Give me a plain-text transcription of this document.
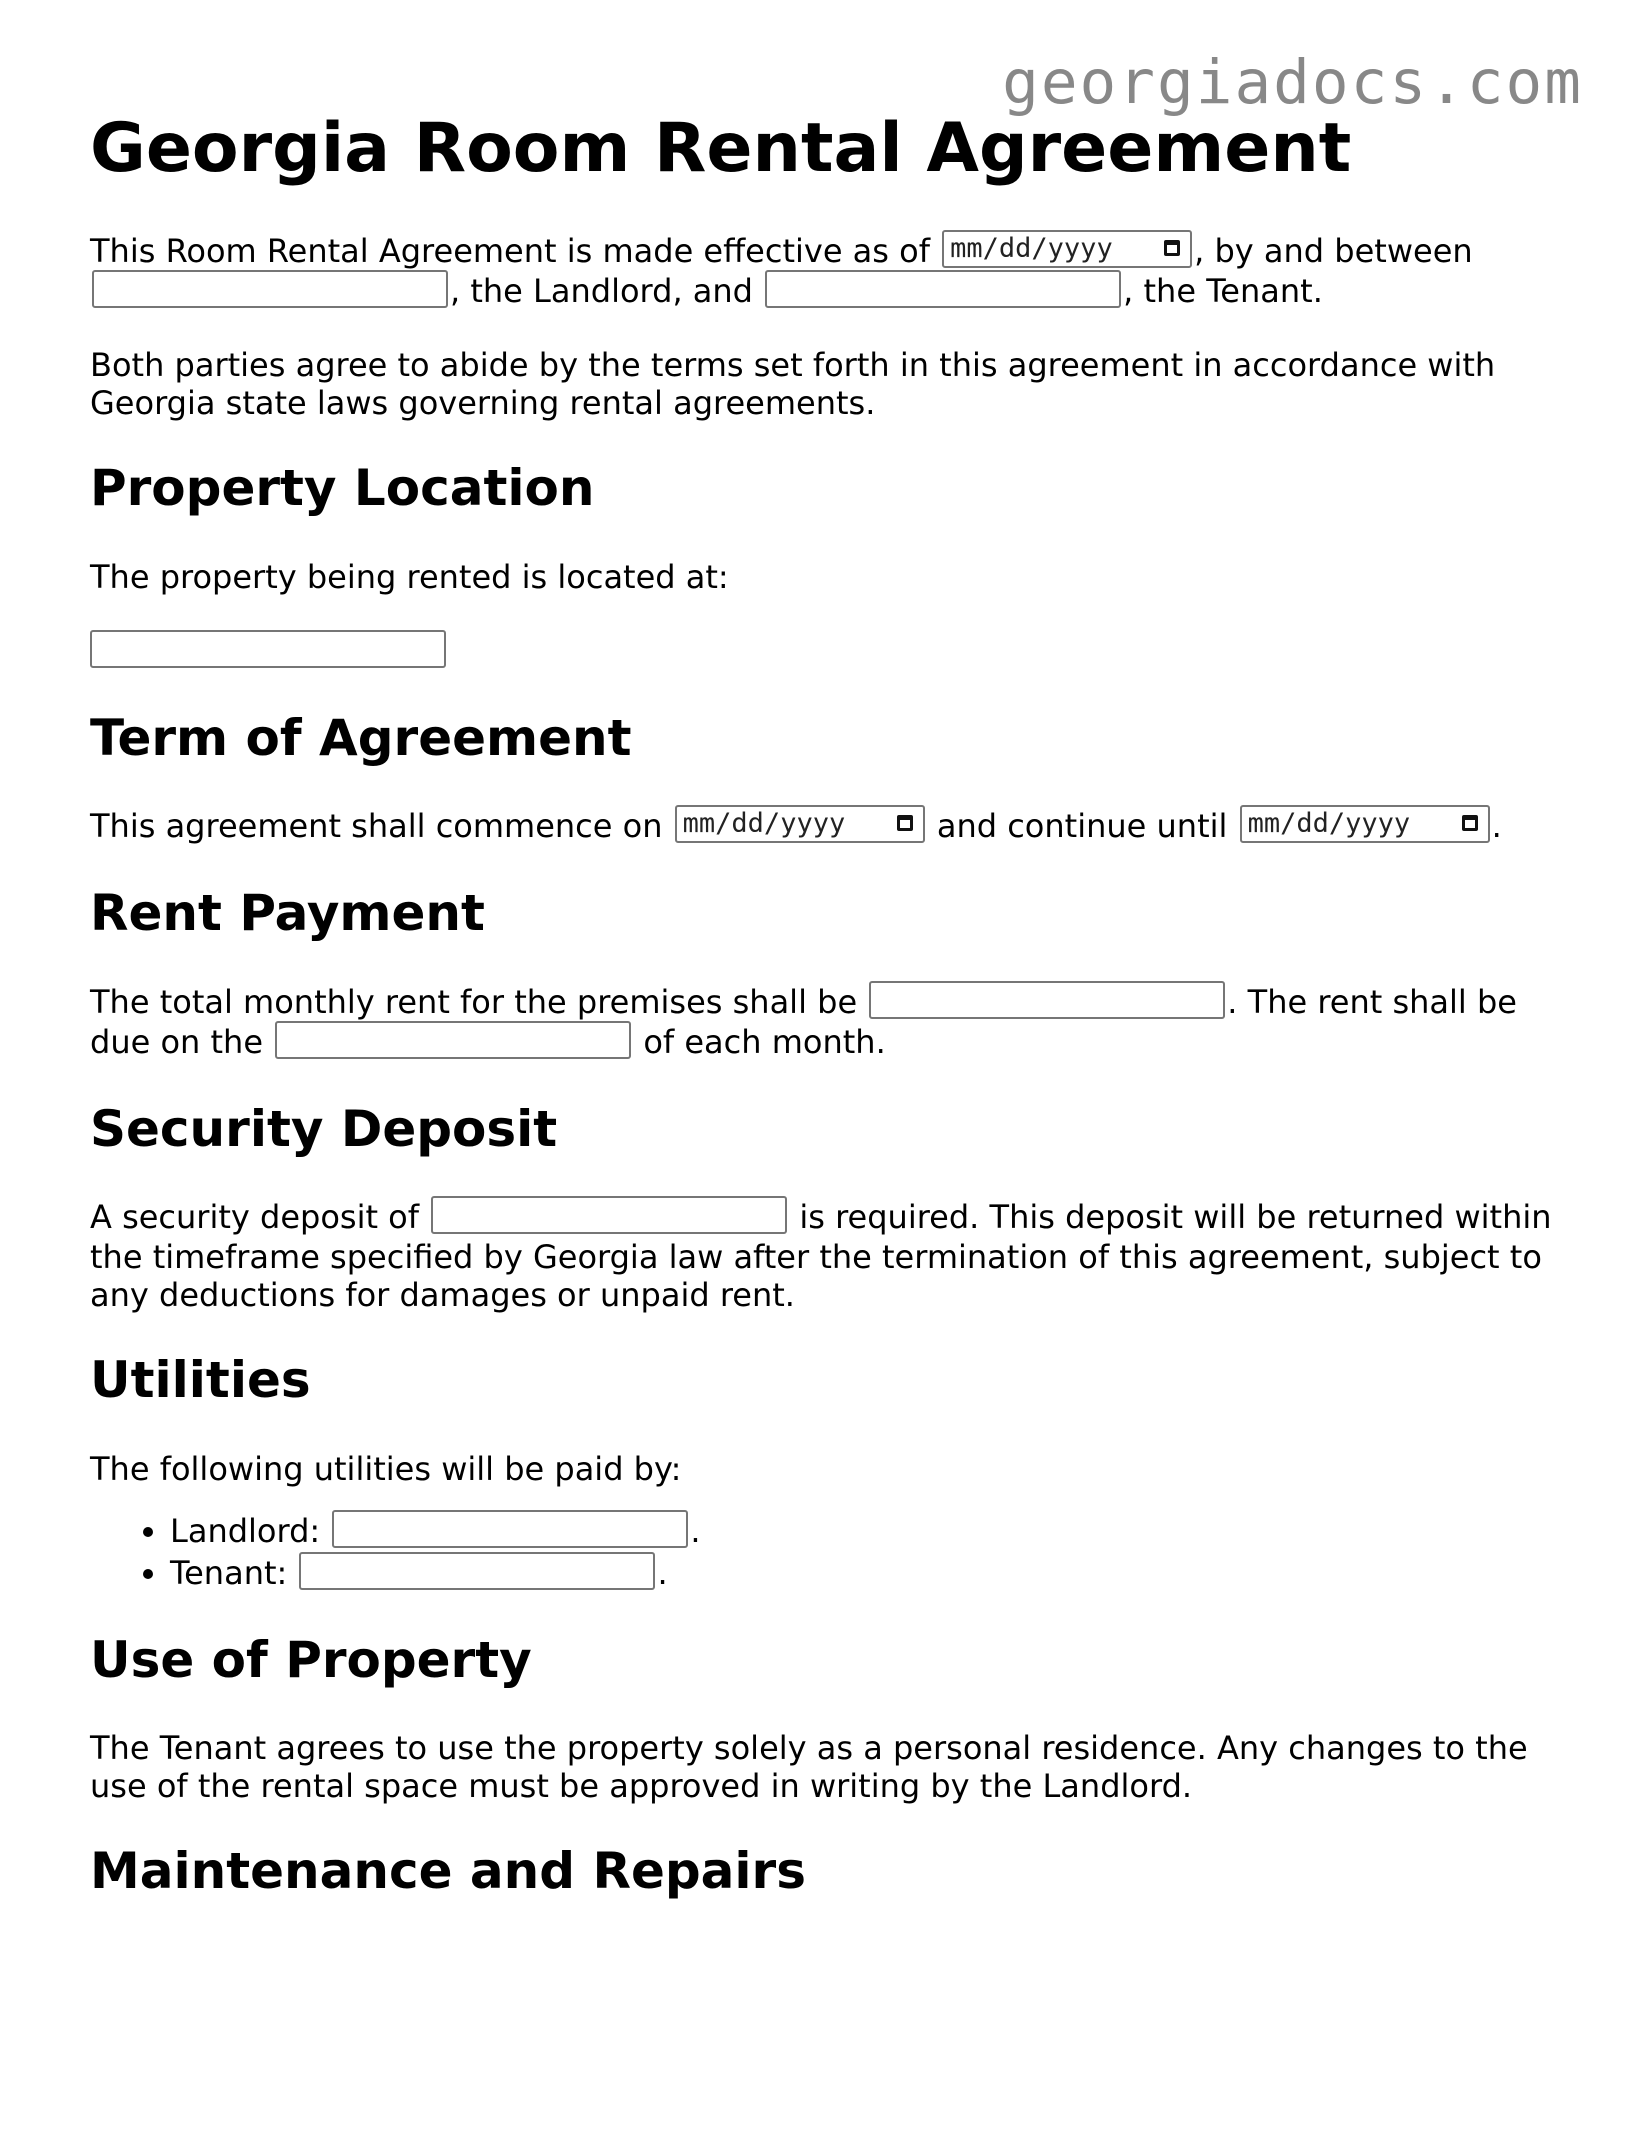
georgiadocs.com
Georgia Room Rental Agreement

This Room Rental Agreement is made effective as of mm/dd/yyyy	, by and between , the Landlord, and	, the Tenant.

Both parties agree to abide by the terms set forth in this agreement in accordance with Georgia state laws governing rental agreements.

Property Location

The property being rented is located at:

Term of Agreement

This agreement shall commence on mm/dd/yyyy	and continue until mm/dd/yyyy	.

Rent Payment

The total monthly rent for the premises shall be	. The rent shall be due on the	of each month.

Security Deposit

A security deposit of	is required. This deposit will be returned within the timeframe specified by Georgia law after the termination of this agreement, subject to any deductions for damages or unpaid rent.

Utilities

The following utilities will be paid by:

• Landlord:	.
• Tenant:	.
Use of Property

The Tenant agrees to use the property solely as a personal residence. Any changes to the use of the rental space must be approved in writing by the Landlord.

Maintenance and Repairs
